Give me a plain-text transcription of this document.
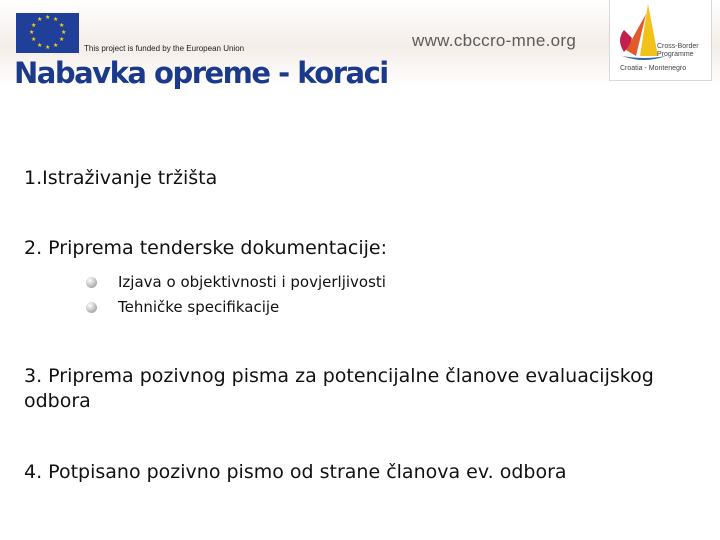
★ ★
★
★
★
★
★
★
★
★
★
★
This project is funded by the European Union	www.cbccro-mne.org	Cross-Border Programme
Croatia - Montenegro
Nabavka opreme - koraci
1.Istraživanje tržišta
2. Priprema tenderske dokumentacije:
Izjava o objektivnosti i povjerljivosti
Tehničke specifikacije
3. Priprema pozivnog pisma za potencijalne članove evaluacijskog odbora
4. Potpisano pozivno pismo od strane članova ev. odbora
